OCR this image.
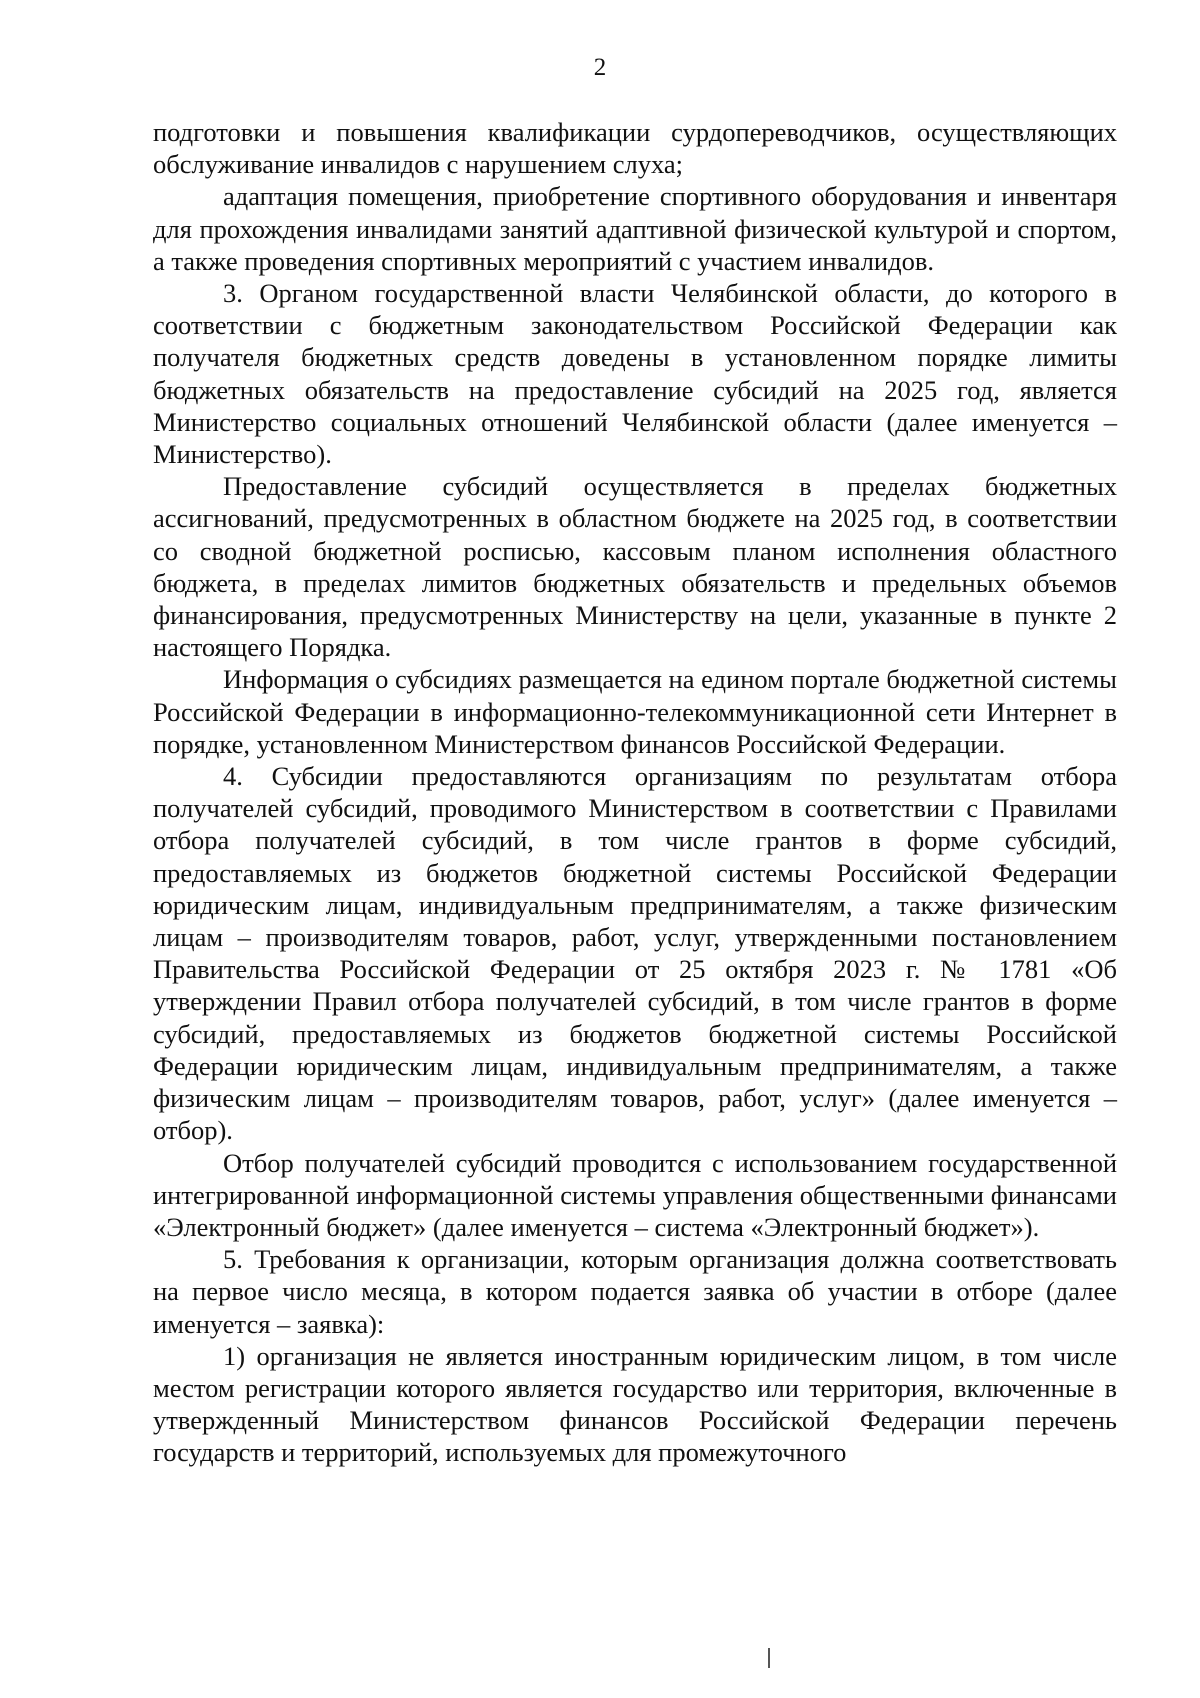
2

подготовки и повышения квалификации сурдопереводчиков, осуществляющих обслуживание инвалидов с нарушением слуха;

адаптация помещения, приобретение спортивного оборудования и инвентаря для прохождения инвалидами занятий адаптивной физической культурой и спортом, а также проведения спортивных мероприятий с участием инвалидов.

3. Органом государственной власти Челябинской области, до которого в соответствии с бюджетным законодательством Российской Федерации как получателя бюджетных средств доведены в установленном порядке лимиты бюджетных обязательств на предоставление субсидий на 2025 год, является Министерство социальных отношений Челябинской области (далее именуется – Министерство).

Предоставление субсидий осуществляется в пределах бюджетных ассигнований, предусмотренных в областном бюджете на 2025 год, в соответствии со сводной бюджетной росписью, кассовым планом исполнения областного бюджета, в пределах лимитов бюджетных обязательств и предельных объемов финансирования, предусмотренных Министерству на цели, указанные в пункте 2 настоящего Порядка.

Информация о субсидиях размещается на едином портале бюджетной системы Российской Федерации в информационно-телекоммуникационной сети Интернет в порядке, установленном Министерством финансов Российской Федерации.

4. Субсидии предоставляются организациям по результатам отбора получателей субсидий, проводимого Министерством в соответствии с Правилами отбора получателей субсидий, в том числе грантов в форме субсидий, предоставляемых из бюджетов бюджетной системы Российской Федерации юридическим лицам, индивидуальным предпринимателям, а также физическим лицам – производителям товаров, работ, услуг, утвержденными постановлением Правительства Российской Федерации от 25 октября 2023 г. № 1781 «Об утверждении Правил отбора получателей субсидий, в том числе грантов в форме субсидий, предоставляемых из бюджетов бюджетной системы Российской Федерации юридическим лицам, индивидуальным предпринимателям, а также физическим лицам – производителям товаров, работ, услуг» (далее именуется – отбор).

Отбор получателей субсидий проводится с использованием государственной интегрированной информационной системы управления общественными финансами «Электронный бюджет» (далее именуется – система «Электронный бюджет»).

5. Требования к организации, которым организация должна соответствовать на первое число месяца, в котором подается заявка об участии в отборе (далее именуется – заявка):

1) организация не является иностранным юридическим лицом, в том числе местом регистрации которого является государство или территория, включенные в утвержденный Министерством финансов Российской Федерации перечень государств и территорий, используемых для промежуточного
